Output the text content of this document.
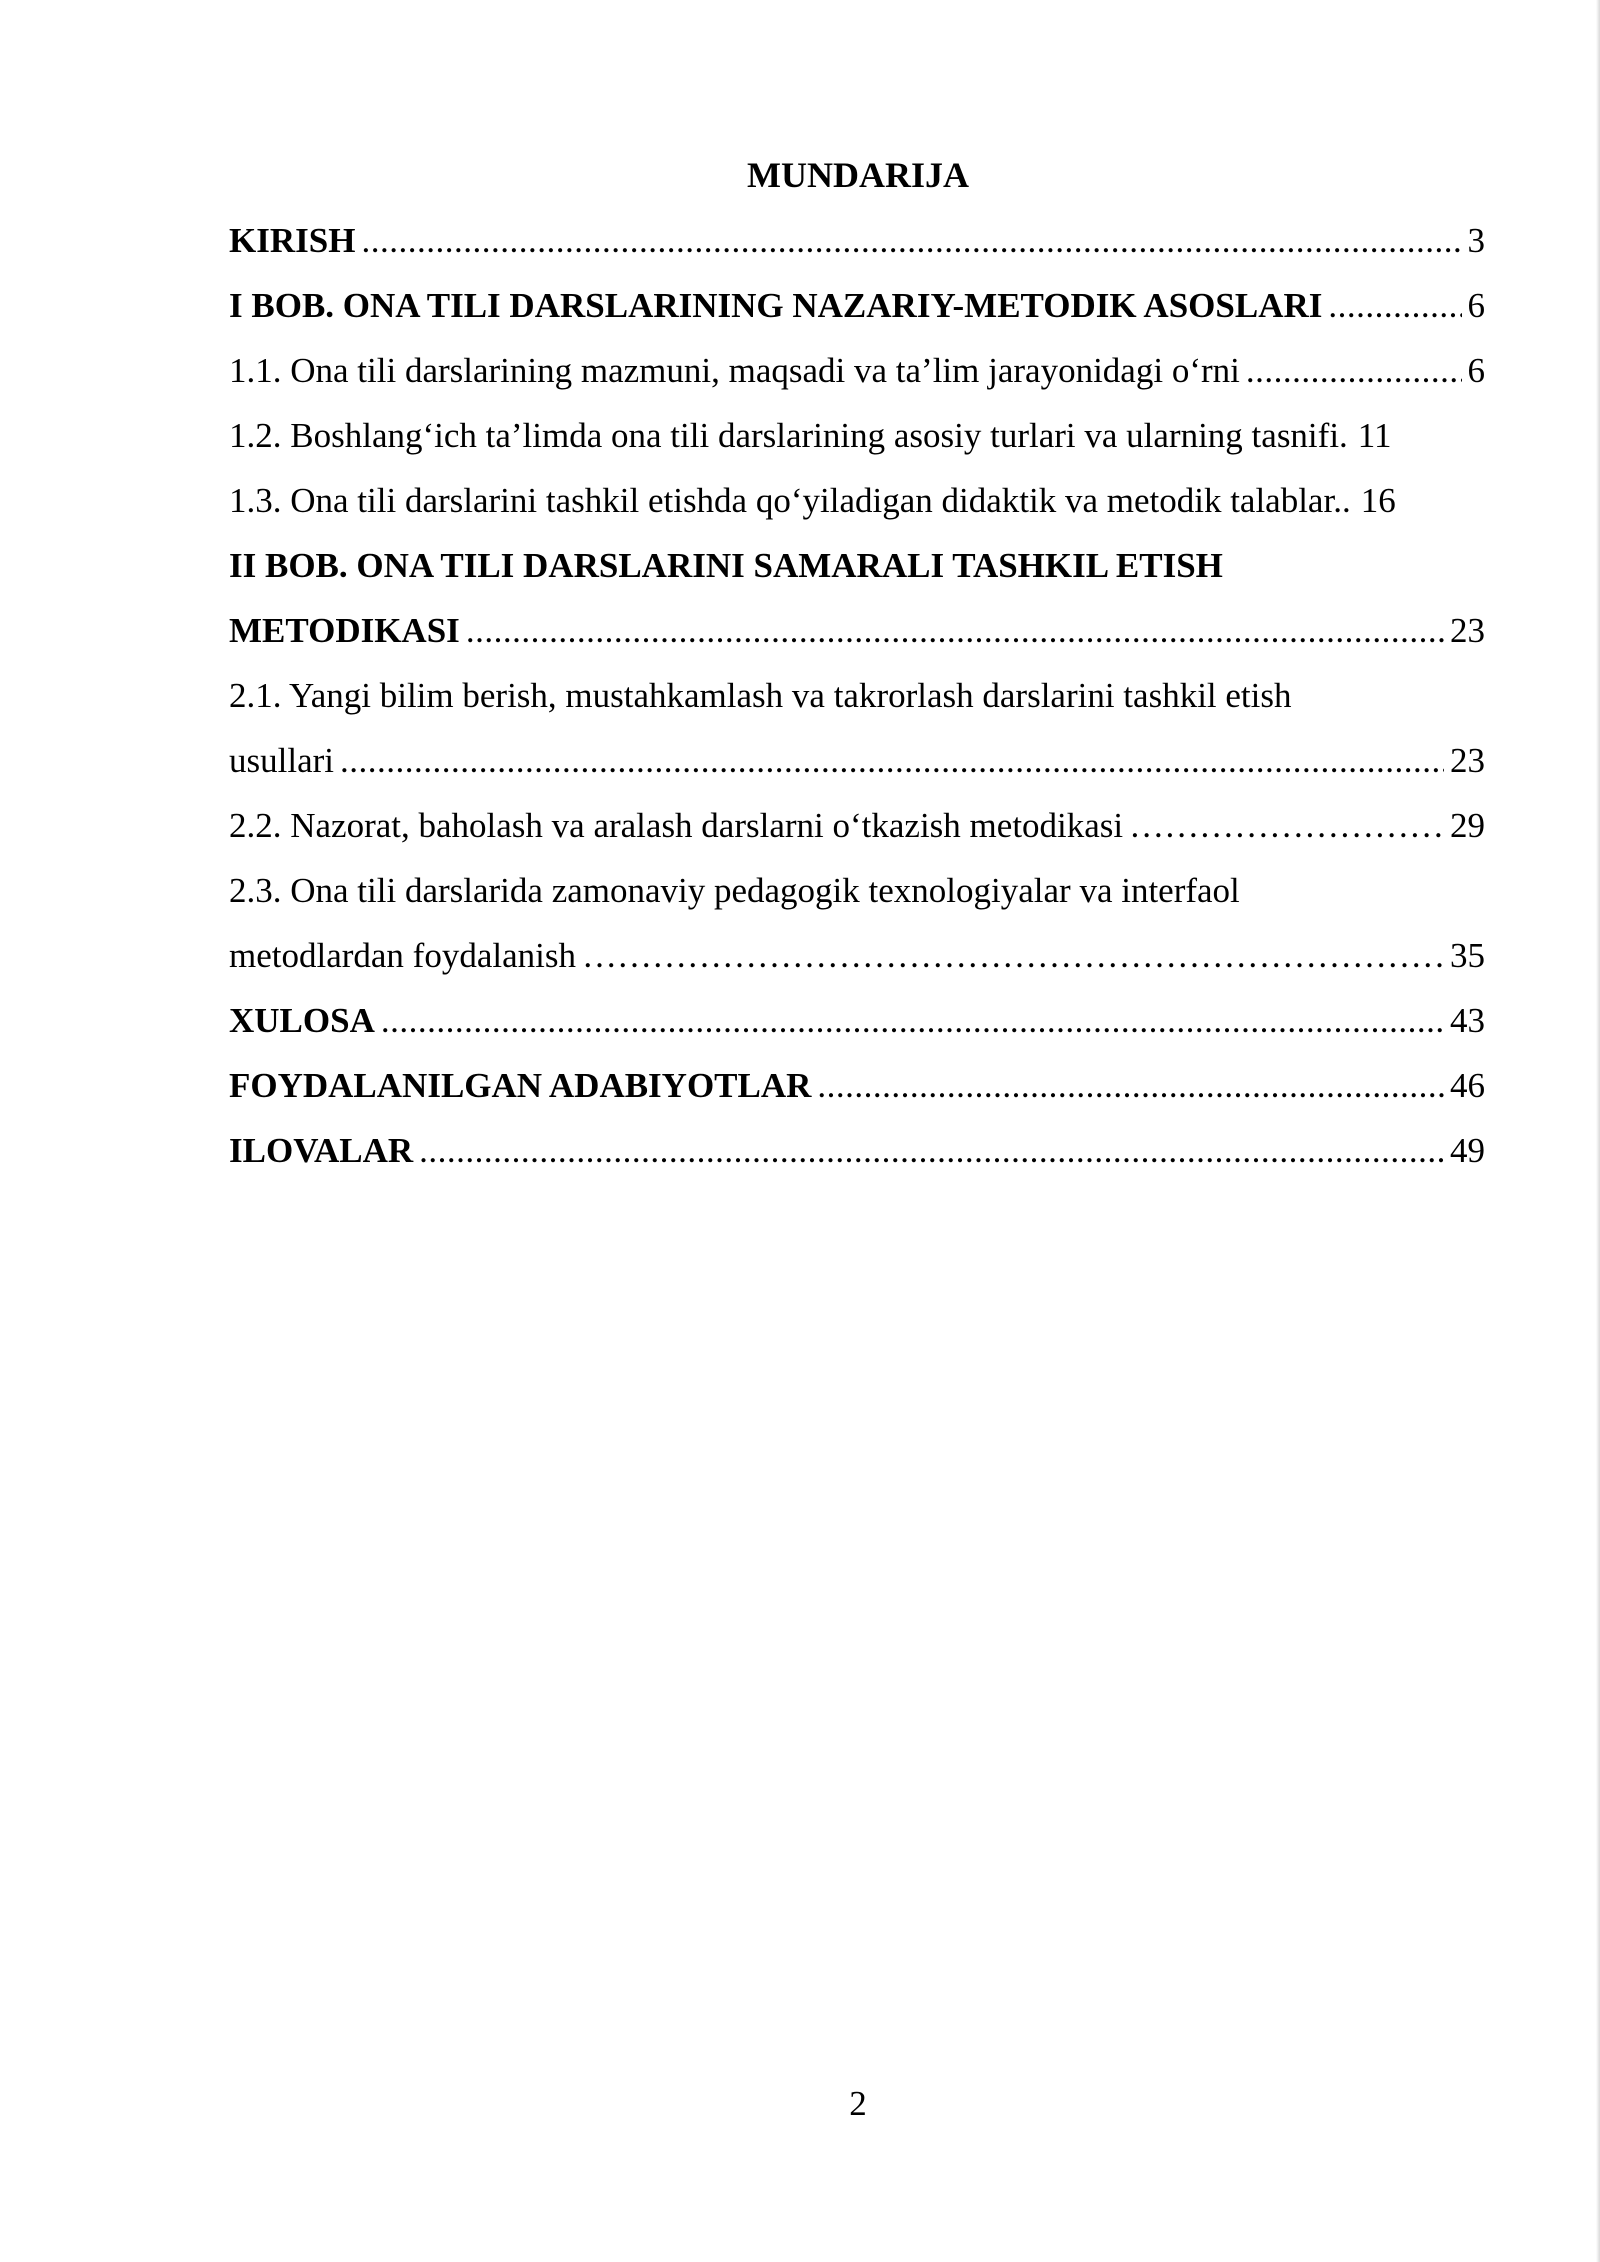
MUNDARIJA
KIRISH .....	3
I BOB. ONA TILI DARSLARINING NAZARIY-METODIK ASOSLARI .....	6
1.1. Ona tili darslarining mazmuni, maqsadi va ta’lim jarayonidagi o‘rni .....	6
1.2. Boshlang‘ich ta’limda ona tili darslarining asosiy turlari va ularning tasnifi. 11
1.3. Ona tili darslarini tashkil etishda qo‘yiladigan didaktik va metodik talablar.. 16
II BOB. ONA TILI DARSLARINI SAMARALI TASHKIL ETISH
METODIKASI .....	23
2.1. Yangi bilim berish, mustahkamlash va takrorlash darslarini tashkil etish
usullari .....	23
2.2. Nazorat, baholash va aralash darslarni o‘tkazish metodikasi ………………………………………………………………………………………………………………………………………………………………	29
2.3. Ona tili darslarida zamonaviy pedagogik texnologiyalar va interfaol
metodlardan foydalanish ………………………………………………………………………………………………………………………………………………………………	35
XULOSA .....	43
FOYDALANILGAN ADABIYOTLAR .....	46
ILOVALAR .....	49
2
